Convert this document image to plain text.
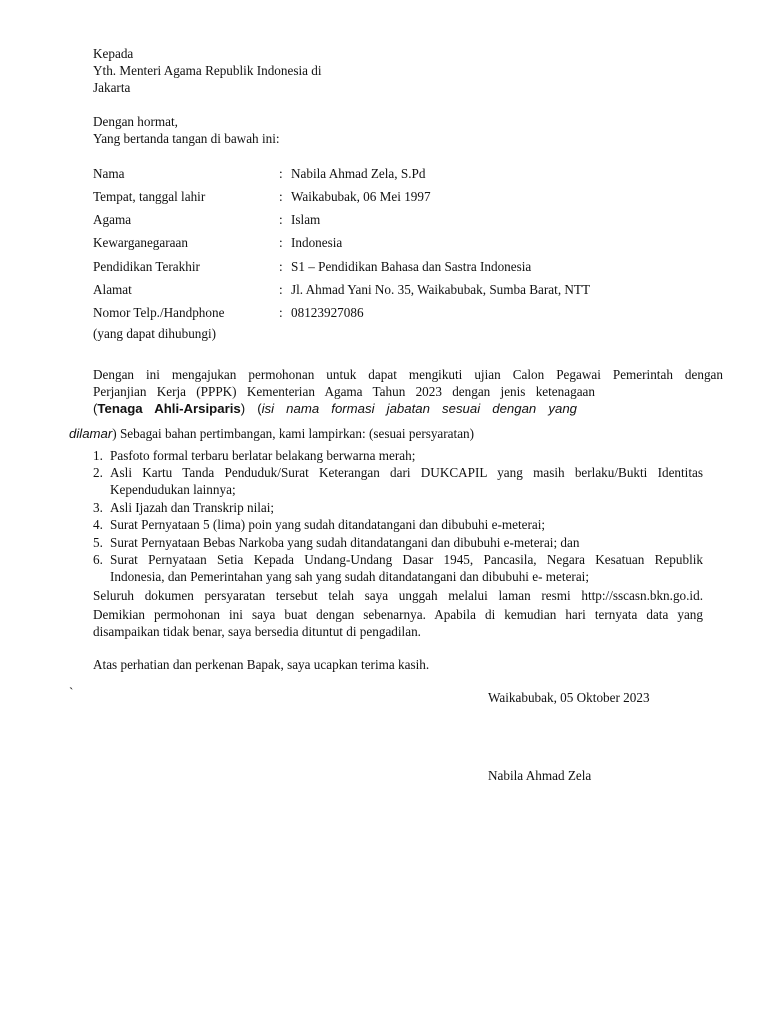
Kepada
Yth. Menteri Agama Republik Indonesia di
Jakarta
Dengan hormat,
Yang bertanda tangan di bawah ini:
Nama	: Nabila Ahmad Zela, S.Pd
Tempat, tanggal lahir	: Waikabubak, 06 Mei 1997
Agama	: Islam
Kewarganegaraan	: Indonesia
Pendidikan Terakhir	: S1 – Pendidikan Bahasa dan Sastra Indonesia
Alamat	: Jl. Ahmad Yani No. 35, Waikabubak, Sumba Barat, NTT
Nomor Telp./Handphone	: 08123927086
(yang dapat dihubungi)
Dengan ini mengajukan permohonan untuk dapat mengikuti ujian Calon Pegawai Pemerintah dengan
Perjanjian Kerja (PPPK) Kementerian Agama Tahun 2023 dengan jenis ketenagaan
(Tenaga Ahli-Arsiparis) (isi nama formasi jabatan sesuai dengan yang
dilamar) Sebagai bahan pertimbangan, kami lampirkan: (sesuai persyaratan)
1. Pasfoto formal terbaru berlatar belakang berwarna merah;
2. Asli Kartu Tanda Penduduk/Surat Keterangan dari DUKCAPIL yang masih berlaku/Bukti Identitas
Kependudukan lainnya;
3. Asli Ijazah dan Transkrip nilai;
4. Surat Pernyataan 5 (lima) poin yang sudah ditandatangani dan dibubuhi e-meterai;
5. Surat Pernyataan Bebas Narkoba yang sudah ditandatangani dan dibubuhi e-meterai; dan
6. Surat Pernyataan Setia Kepada Undang-Undang Dasar 1945, Pancasila, Negara Kesatuan Republik
Indonesia, dan Pemerintahan yang sah yang sudah ditandatangani dan dibubuhi e- meterai;
Seluruh dokumen persyaratan tersebut telah saya unggah melalui laman resmi http://sscasn.bkn.go.id.
Demikian permohonan ini saya buat dengan sebenarnya. Apabila di kemudian hari ternyata data yang
disampaikan tidak benar, saya bersedia dituntut di pengadilan.
Atas perhatian dan perkenan Bapak, saya ucapkan terima kasih.
`	Waikabubak, 05 Oktober 2023
Nabila Ahmad Zela
